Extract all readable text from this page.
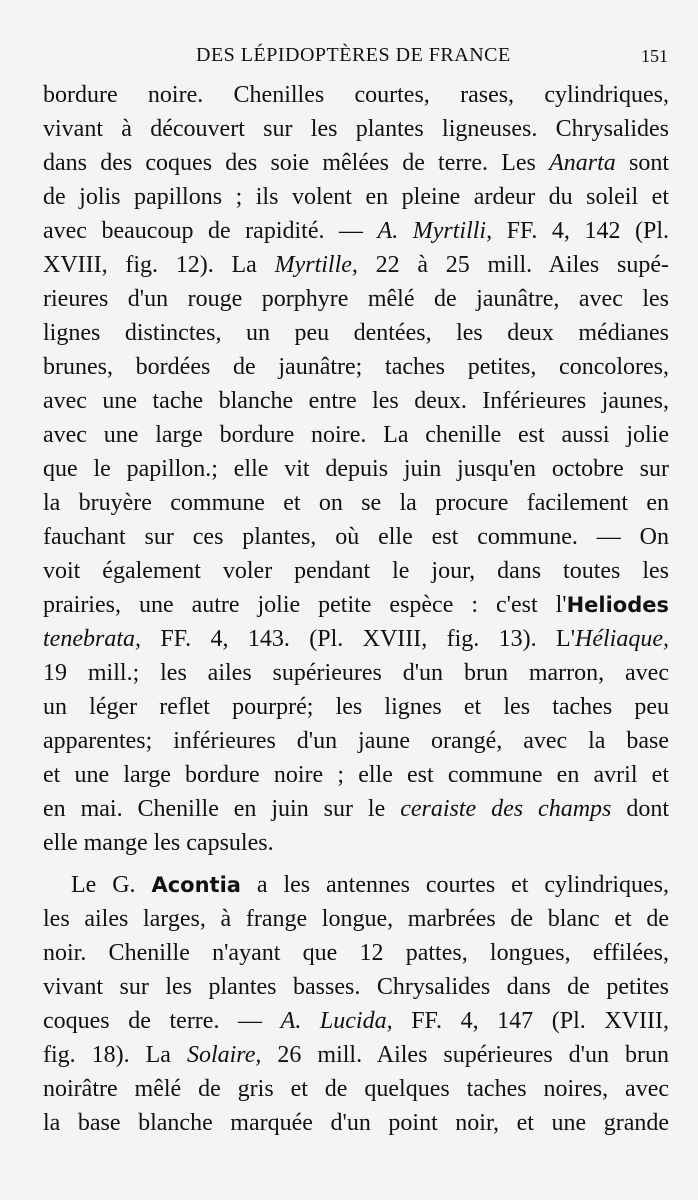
DES LÉPIDOPTÈRES DE FRANCE	151
bordure noire. Chenilles courtes, rases, cylindriques,
vivant à découvert sur les plantes ligneuses. Chrysalides
dans des coques des soie mêlées de terre. Les Anarta sont
de jolis papillons ; ils volent en pleine ardeur du soleil et
avec beaucoup de rapidité. — A. Myrtilli, FF. 4, 142 (Pl.
XVIII, fig. 12). La Myrtille, 22 à 25 mill. Ailes supé-
rieures d'un rouge porphyre mêlé de jaunâtre, avec les
lignes distinctes, un peu dentées, les deux médianes
brunes, bordées de jaunâtre; taches petites, concolores,
avec une tache blanche entre les deux. Inférieures jaunes,
avec une large bordure noire. La chenille est aussi jolie
que le papillon.; elle vit depuis juin jusqu'en octobre sur
la bruyère commune et on se la procure facilement en
fauchant sur ces plantes, où elle est commune. — On
voit également voler pendant le jour, dans toutes les
prairies, une autre jolie petite espèce : c'est l'Heliodes
tenebrata, FF. 4, 143. (Pl. XVIII, fig. 13). L'Héliaque,
19 mill.; les ailes supérieures d'un brun marron, avec
un léger reflet pourpré; les lignes et les taches peu
apparentes; inférieures d'un jaune orangé, avec la base
et une large bordure noire ; elle est commune en avril et
en mai. Chenille en juin sur le ceraiste des champs dont
elle mange les capsules.
Le G. Acontia a les antennes courtes et cylindriques,
les ailes larges, à frange longue, marbrées de blanc et de
noir. Chenille n'ayant que 12 pattes, longues, effilées,
vivant sur les plantes basses. Chrysalides dans de petites
coques de terre. — A. Lucida, FF. 4, 147 (Pl. XVIII,
fig. 18). La Solaire, 26 mill. Ailes supérieures d'un brun
noirâtre mêlé de gris et de quelques taches noires, avec
la base blanche marquée d'un point noir, et une grande
